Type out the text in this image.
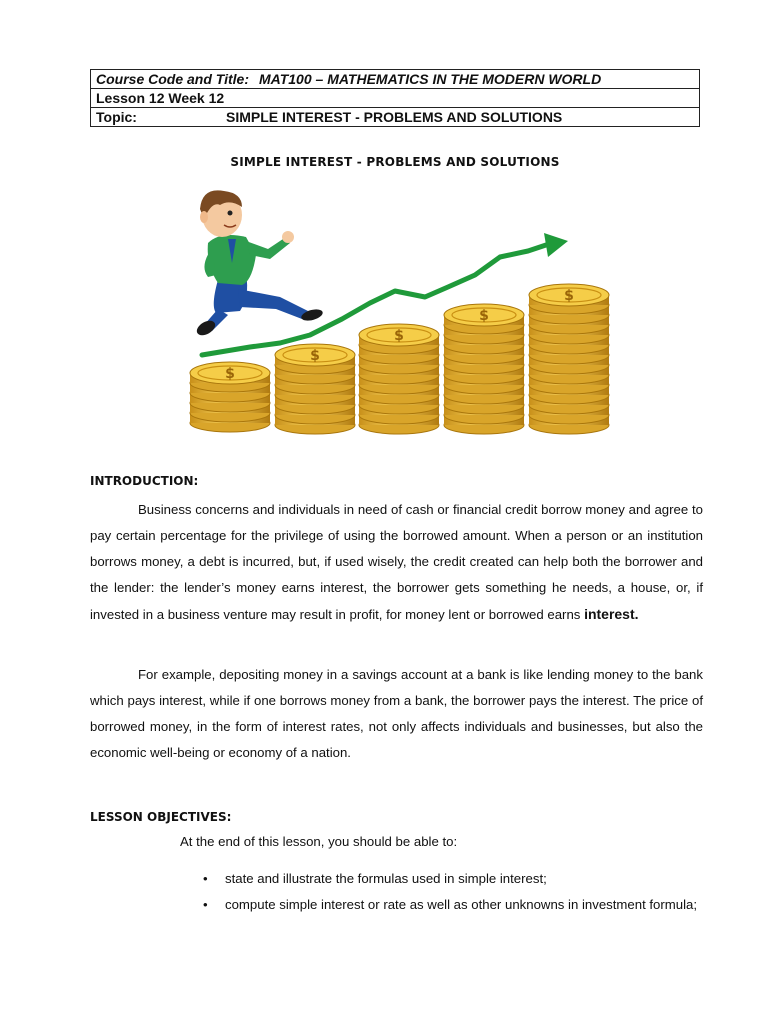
Course Code and Title: MAT100 – MATHEMATICS IN THE MODERN WORLD
Lesson 12 Week 12
Topic:	SIMPLE INTEREST - PROBLEMS AND SOLUTIONS
SIMPLE INTEREST - PROBLEMS AND SOLUTIONS
$
$
$
$
$
INTRODUCTION:

Business concerns and individuals in need of cash or financial credit borrow money and agree to pay certain percentage for the privilege of using the borrowed amount. When a person or an institution borrows money, a debt is incurred, but, if used wisely, the credit created can help both the borrower and the lender: the lender’s money earns interest, the borrower gets something he needs, a house, or, if invested in a business venture may result in profit, for money lent or borrowed earns interest.

For example, depositing money in a savings account at a bank is like lending money to the bank which pays interest, while if one borrows money from a bank, the borrower pays the interest. The price of borrowed money, in the form of interest rates, not only affects individuals and businesses, but also the economic well-being or economy of a nation.

LESSON OBJECTIVES:

At the end of this lesson, you should be able to:

• state and illustrate the formulas used in simple interest;
• compute simple interest or rate as well as other unknowns in investment formula;
